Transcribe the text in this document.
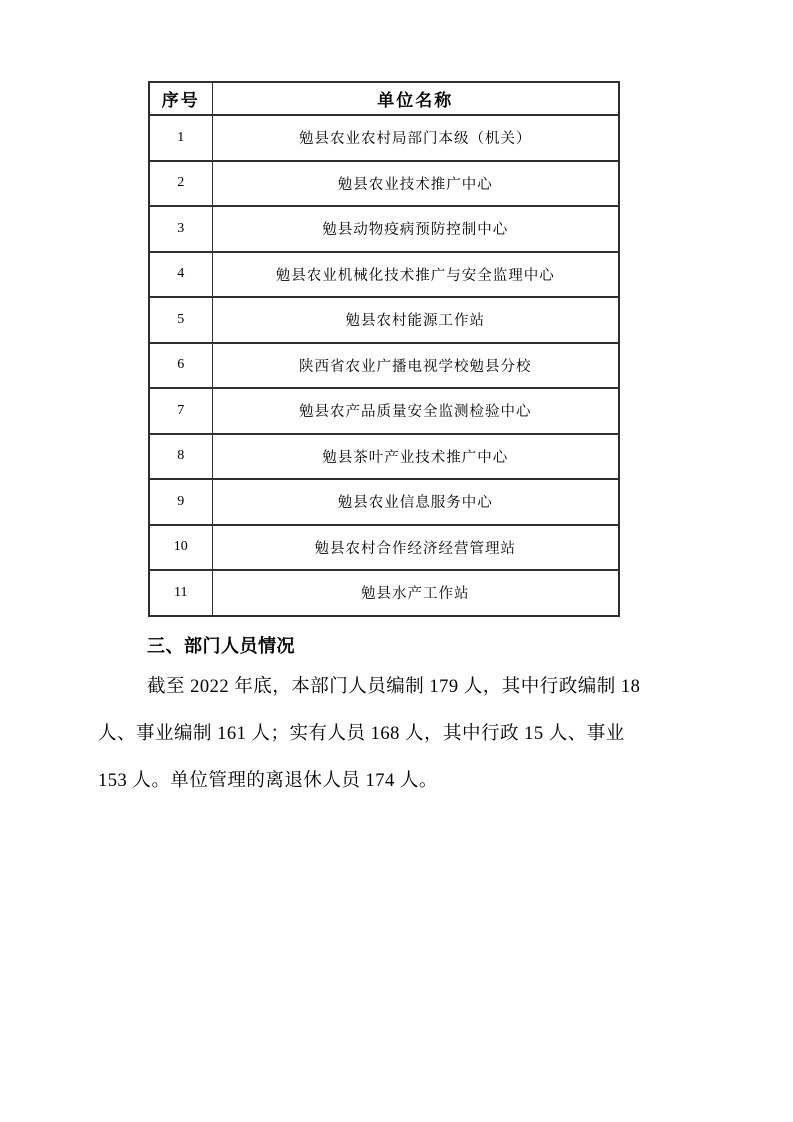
序号	单位名称
1	勉县农业农村局部门本级（机关）
2	勉县农业技术推广中心
3	勉县动物疫病预防控制中心
4	勉县农业机械化技术推广与安全监理中心
5	勉县农村能源工作站
6	陕西省农业广播电视学校勉县分校
7	勉县农产品质量安全监测检验中心
8	勉县茶叶产业技术推广中心
9	勉县农业信息服务中心
10	勉县农村合作经济经营管理站
11	勉县水产工作站
三、部门人员情况
截至 2022 年底，本部门人员编制 179 人，其中行政编制 18
人、事业编制 161 人；实有人员 168 人，其中行政 15 人、事业
153 人。单位管理的离退休人员 174 人。
